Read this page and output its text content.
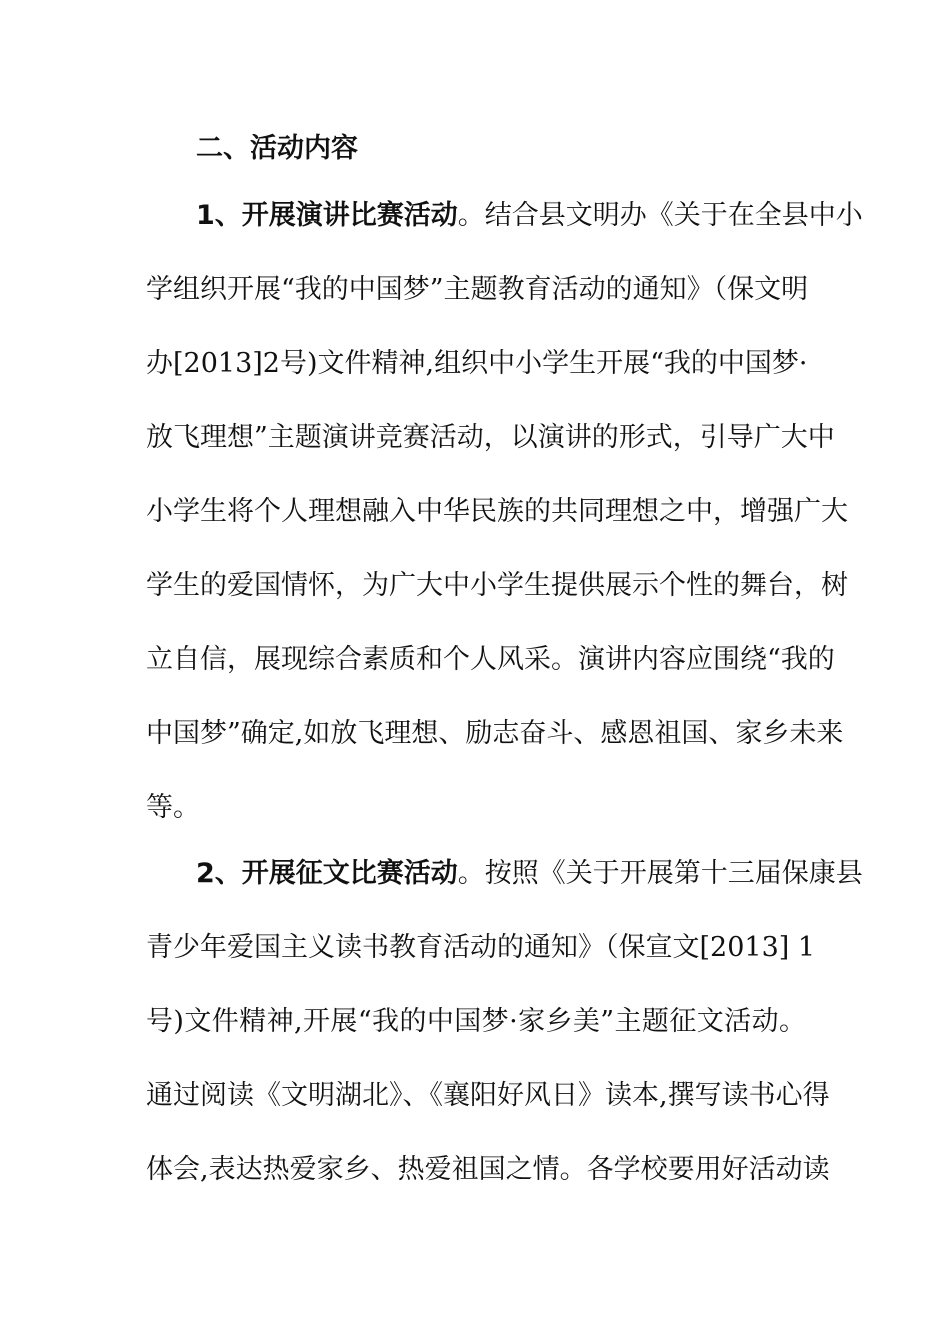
二、活动内容
1、开展演讲比赛活动。结合县文明办《关于在全县中小
学组织开展“我的中国梦”主题教育活动的通知》（保文明
办[2013]2号)文件精神,组织中小学生开展“我的中国梦·
放飞理想”主题演讲竞赛活动，以演讲的形式，引导广大中
小学生将个人理想融入中华民族的共同理想之中，增强广大
学生的爱国情怀，为广大中小学生提供展示个性的舞台，树
立自信，展现综合素质和个人风采。演讲内容应围绕“我的
中国梦”确定,如放飞理想、励志奋斗、感恩祖国、家乡未来
等。
2、开展征文比赛活动。按照《关于开展第十三届保康县
青少年爱国主义读书教育活动的通知》（保宣文[2013] 1
号)文件精神,开展“我的中国梦·家乡美”主题征文活动。
通过阅读《文明湖北》、《襄阳好风日》读本,撰写读书心得
体会,表达热爱家乡、热爱祖国之情。各学校要用好活动读
